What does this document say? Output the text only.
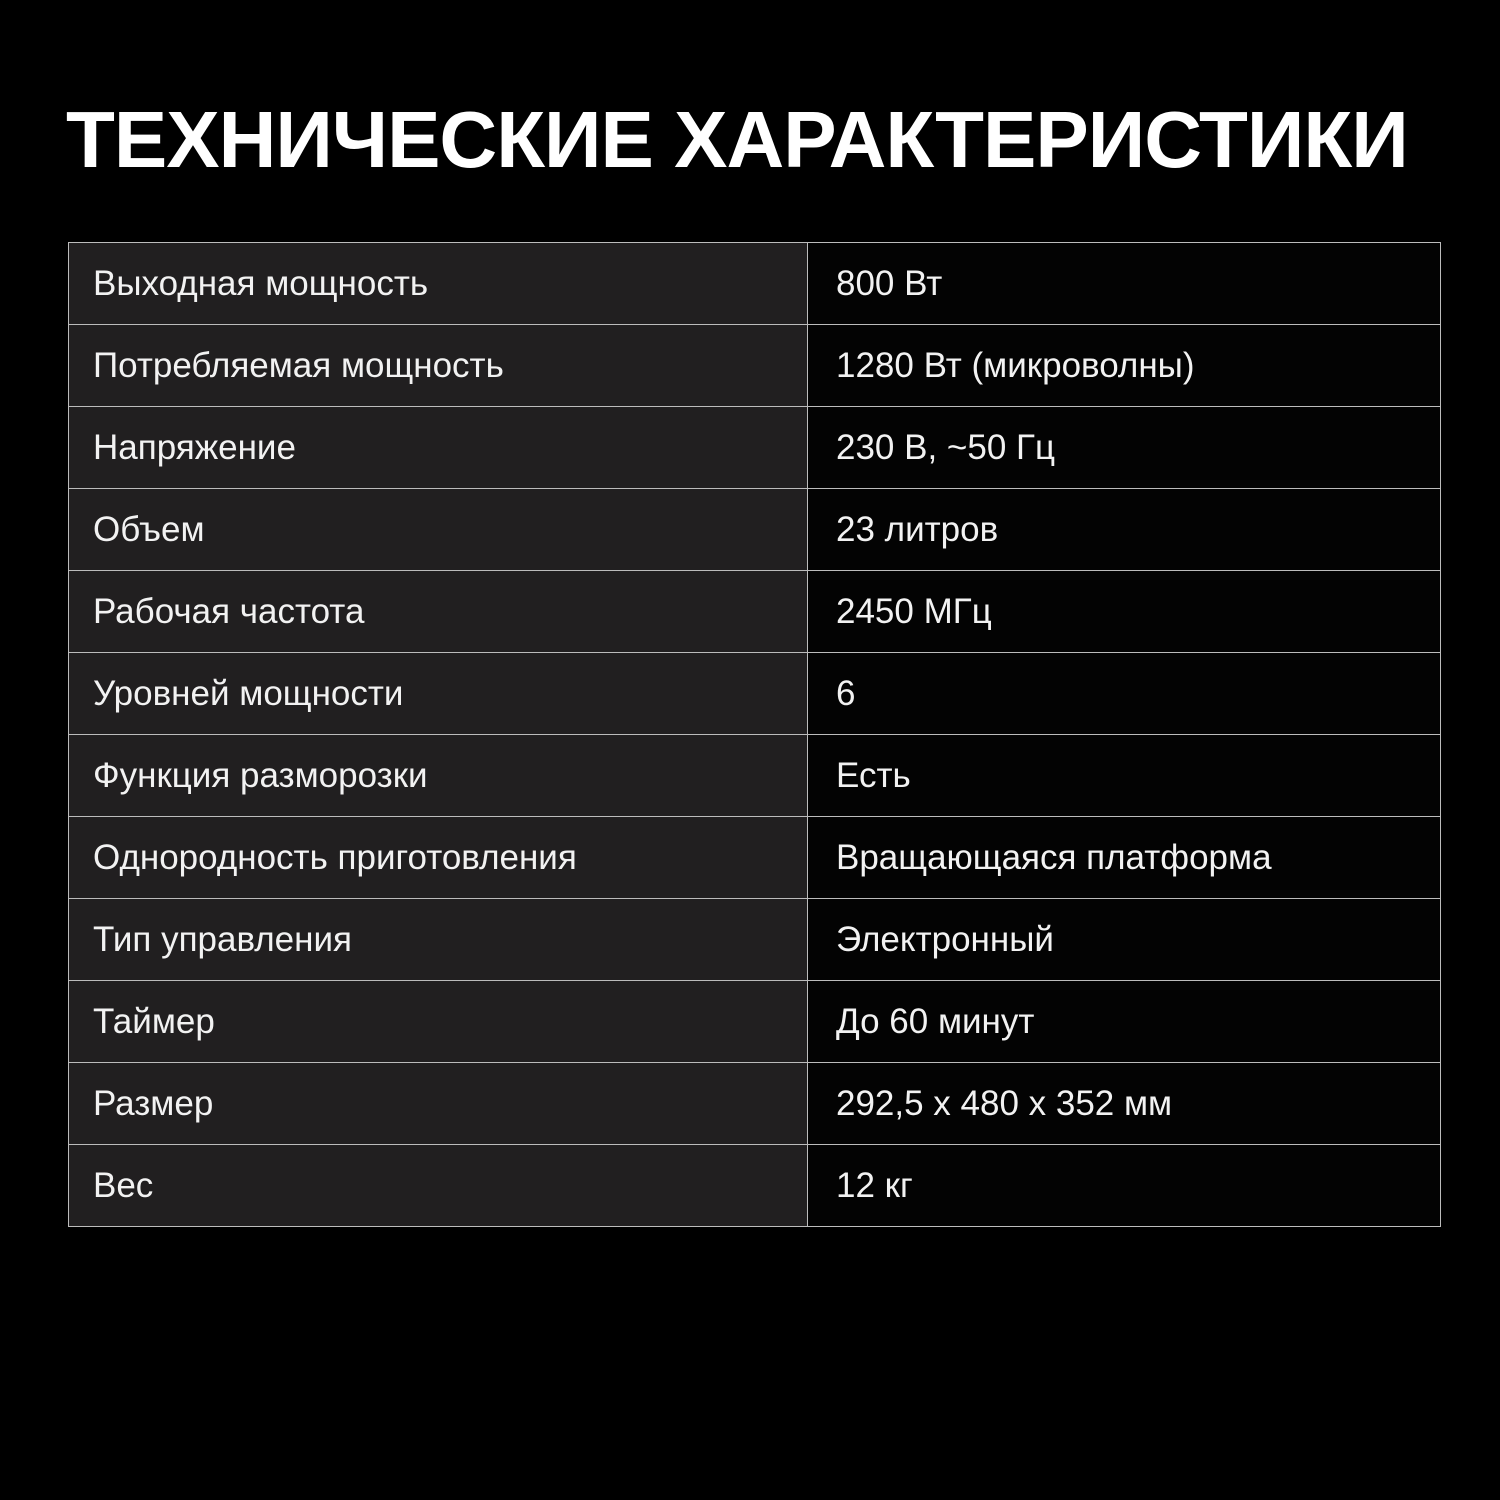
ТЕХНИЧЕСКИЕ ХАРАКТЕРИСТИКИ
Выходная мощность	800 Вт
Потребляемая мощность	1280 Вт (микроволны)
Напряжение	230 В, ~50 Гц
Объем	23 литров
Рабочая частота	2450 МГц
Уровней мощности	6
Функция разморозки	Есть
Однородность приготовления	Вращающаяся платформа
Тип управления	Электронный
Таймер	До 60 минут
Размер	292,5 х 480 х 352 мм
Вес	12 кг
